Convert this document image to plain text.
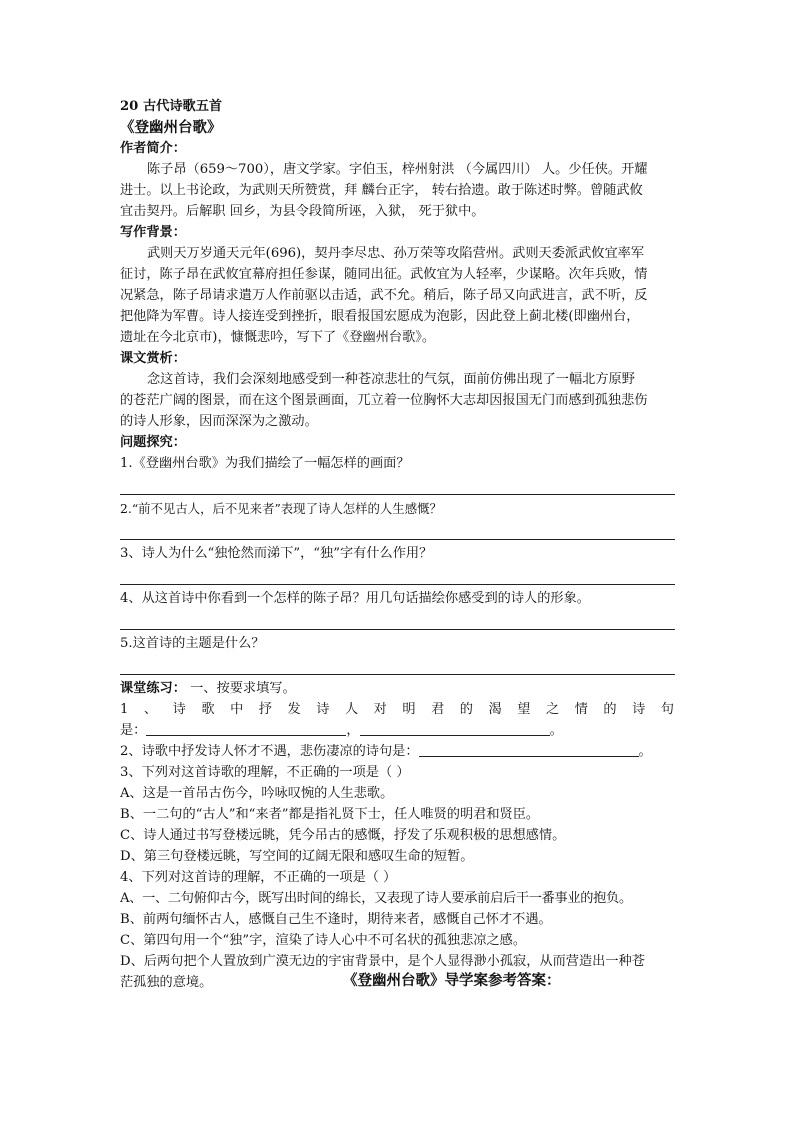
20 古代诗歌五首
《登幽州台歌》
作者简介：
陈子昂（659～700），唐文学家。字伯玉，梓州射洪 （今属四川） 人。少任侠。开耀
进士。以上书论政，为武则天所赞赏，拜 麟台正字， 转右拾遗。敢于陈述时弊。曾随武攸
宜击契丹。后解职 回乡，为县令段简所诬，入狱， 死于狱中。
写作背景：
武则天万岁通天元年(696)，契丹李尽忠、孙万荣等攻陷营州。武则天委派武攸宜率军
征讨，陈子昂在武攸宜幕府担任参谋，随同出征。武攸宜为人轻率，少谋略。次年兵败，情
况紧急，陈子昂请求遣万人作前驱以击适，武不允。稍后，陈子昂又向武进言，武不听，反
把他降为军曹。诗人接连受到挫折，眼看报国宏愿成为泡影，因此登上蓟北楼(即幽州台，
遗址在今北京市)，慷慨悲吟，写下了《登幽州台歌》。
课文赏析：
念这首诗，我们会深刻地感受到一种苍凉悲壮的气氛，面前仿佛出现了一幅北方原野
的苍茫广阔的图景，而在这个图景画面，兀立着一位胸怀大志却因报国无门而感到孤独悲伤
的诗人形象，因而深深为之激动。
问题探究：
1.《登幽州台歌》为我们描绘了一幅怎样的画面？
2.“前不见古人，后不见来者”表现了诗人怎样的人生感慨？
3、诗人为什么“独怆然而涕下”，“独”字有什么作用？
4、从这首诗中你看到一个怎样的陈子昂？用几句话描绘你感受到的诗人的形象。
5.这首诗的主题是什么？
课堂练习： 一、按要求填写。
1、诗歌中抒发诗人对明君的渴望之情的诗句
是：	，	。
2、诗歌中抒发诗人怀才不遇，悲伤凄凉的诗句是：	。
3、下列对这首诗歌的理解，不正确的一项是（ ）
A、这是一首吊古伤今，吟咏叹惋的人生悲歌。
B、一二句的“古人”和“来者”都是指礼贤下士，任人唯贤的明君和贤臣。
C、诗人通过书写登楼远眺，凭今吊古的感慨，抒发了乐观积极的思想感情。
D、第三句登楼远眺，写空间的辽阔无限和感叹生命的短暂。
4、下列对这首诗的理解，不正确的一项是（ ）
A、一、二句俯仰古今，既写出时间的绵长，又表现了诗人要承前启后干一番事业的抱负。
B、前两句缅怀古人，感慨自己生不逢时，期待来者，感慨自己怀才不遇。
C、第四句用一个“独”字，渲染了诗人心中不可名状的孤独悲凉之感。
D、后两句把个人置放到广漠无边的宇宙背景中，是个人显得渺小孤寂，从而营造出一种苍
茫孤独的意境。	《登幽州台歌》导学案参考答案：
